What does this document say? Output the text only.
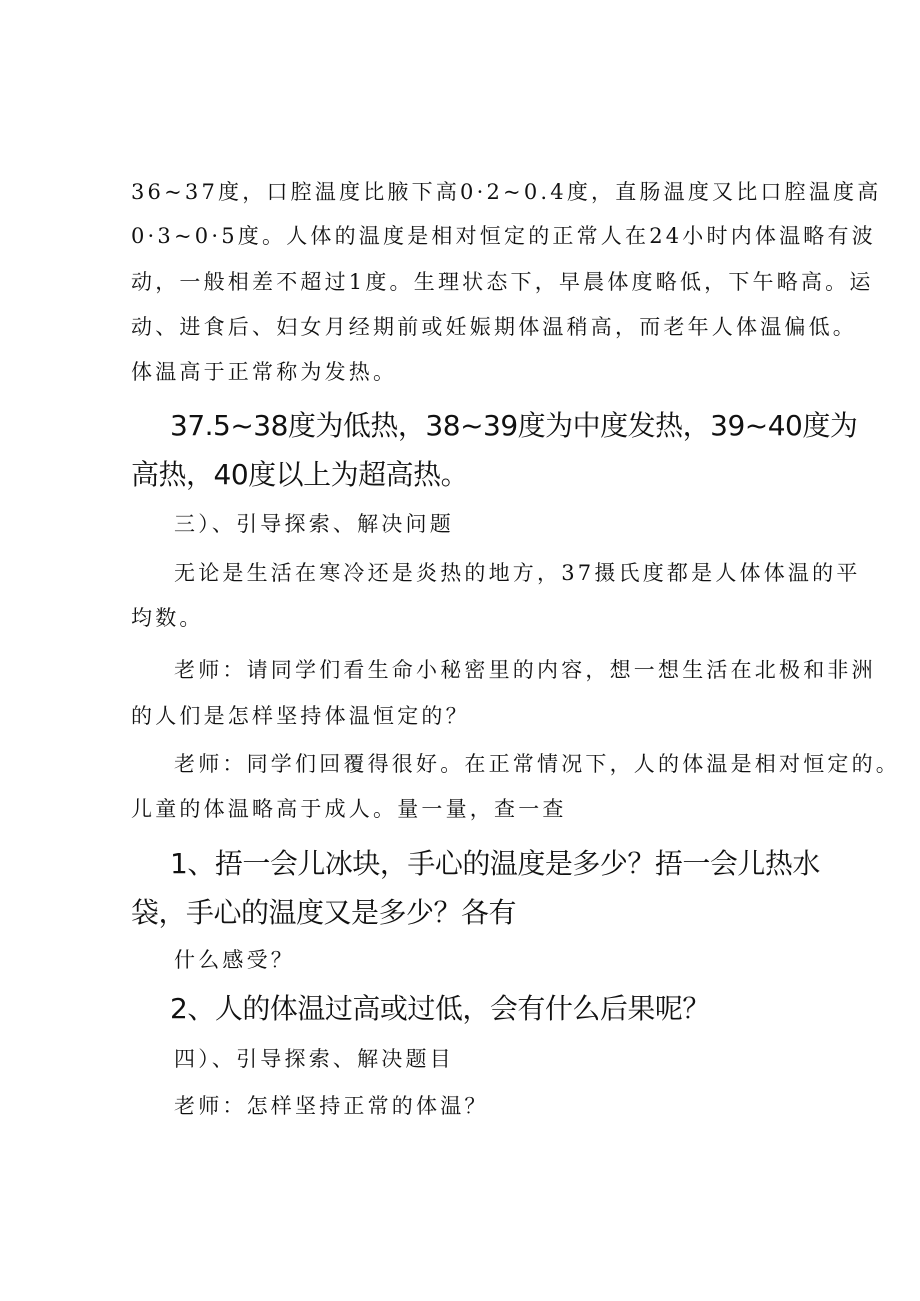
36~37度，口腔温度比腋下高0·2~0.4度，直肠温度又比口腔温度高

0·3~0·5度。人体的温度是相对恒定的正常人在24小时内体温略有波

动，一般相差不超过1度。生理状态下，早晨体度略低，下午略高。运

动、进食后、妇女月经期前或妊娠期体温稍高，而老年人体温偏低。

体温高于正常称为发热。

37.5~38度为低热，38~39度为中度发热，39~40度为

高热，40度以上为超高热。

三）、引导探索、解决问题

无论是生活在寒冷还是炎热的地方，37摄氏度都是人体体温的平

均数。

老师：请同学们看生命小秘密里的内容，想一想生活在北极和非洲

的人们是怎样坚持体温恒定的？

老师：同学们回覆得很好。在正常情况下，人的体温是相对恒定的。

儿童的体温略高于成人。量一量，查一查

1、捂一会儿冰块，手心的温度是多少？捂一会儿热水

袋，手心的温度又是多少？各有

什么感受？

2、人的体温过高或过低，会有什么后果呢？

四）、引导探索、解决题目

老师：怎样坚持正常的体温？
